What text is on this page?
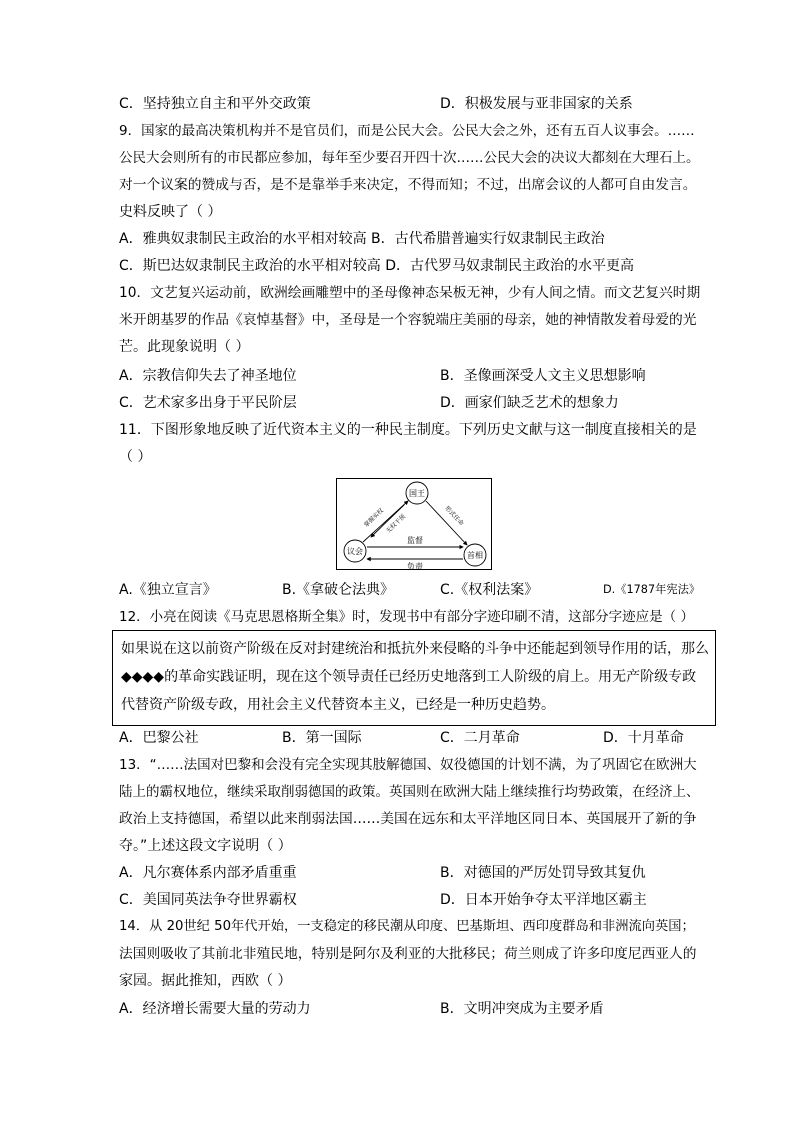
C．坚持独立自主和平外交政策	D．积极发展与亚非国家的关系
9．国家的最高决策机构并不是官员们，而是公民大会。公民大会之外，还有五百人议事会。……
公民大会则所有的市民都应参加，每年至少要召开四十次……公民大会的决议大都刻在大理石上。
对一个议案的赞成与否，是不是靠举手来决定，不得而知；不过，出席会议的人都可自由发言。
史料反映了（ ）
A．雅典奴隶制民主政治的水平相对较高 B．古代希腊普遍实行奴隶制民主政治
C．斯巴达奴隶制民主政治的水平相对较高 D．古代罗马奴隶制民主政治的水平更高
10．文艺复兴运动前，欧洲绘画雕塑中的圣母像神态呆板无神，少有人间之情。而文艺复兴时期
米开朗基罗的作品《哀悼基督》中，圣母是一个容貌端庄美丽的母亲，她的神情散发着母爱的光
芒。此现象说明（ ）
A．宗教信仰失去了神圣地位	B．圣像画深受人文主义思想影响
C．艺术家多出身于平民阶层	D．画家们缺乏艺术的想象力
11．下图形象地反映了近代资本主义的一种民主制度。下列历史文献与这一制度直接相关的是
（ ）
国王
议会	首相
掌握实权 无权干预	形式任命
监督
负责
A.《独立宣言》	B.《拿破仑法典》	C.《权利法案》	D.《1787年宪法》
12．小亮在阅读《马克思恩格斯全集》时，发现书中有部分字迹印刷不清，这部分字迹应是（ ）
如果说在这以前资产阶级在反对封建统治和抵抗外来侵略的斗争中还能起到领导作用的话，那么
◆◆◆◆的革命实践证明，现在这个领导责任已经历史地落到工人阶级的肩上。用无产阶级专政
代替资产阶级专政，用社会主义代替资本主义，已经是一种历史趋势。
A．巴黎公社	B．第一国际	C．二月革命	D．十月革命
13．“……法国对巴黎和会没有完全实现其肢解德国、奴役德国的计划不满，为了巩固它在欧洲大
陆上的霸权地位，继续采取削弱德国的政策。英国则在欧洲大陆上继续推行均势政策，在经济上、
政治上支持德国，希望以此来削弱法国……美国在远东和太平洋地区同日本、英国展开了新的争
夺。”上述这段文字说明（ ）
A．凡尔赛体系内部矛盾重重	B．对德国的严厉处罚导致其复仇
C．美国同英法争夺世界霸权	D．日本开始争夺太平洋地区霸主
14．从 20世纪 50年代开始，一支稳定的移民潮从印度、巴基斯坦、西印度群岛和非洲流向英国；
法国则吸收了其前北非殖民地，特别是阿尔及利亚的大批移民；荷兰则成了许多印度尼西亚人的
家园。据此推知，西欧（ ）
A．经济增长需要大量的劳动力	B．文明冲突成为主要矛盾
